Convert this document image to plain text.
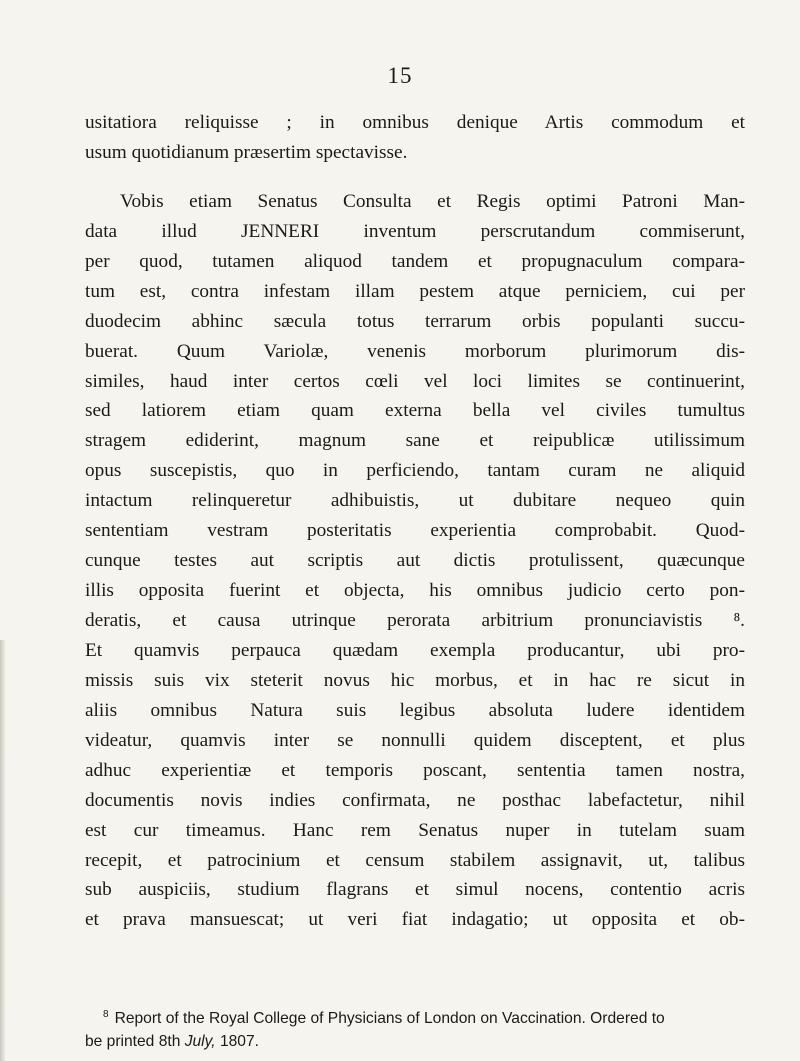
15
usitatiora reliquisse ; in omnibus denique Artis commodum et
usum quotidianum præsertim spectavisse.
Vobis etiam Senatus Consulta et Regis optimi Patroni Man-
data illud JENNERI inventum perscrutandum commiserunt,
per quod, tutamen aliquod tandem et propugnaculum compara-
tum est, contra infestam illam pestem atque perniciem, cui per
duodecim abhinc sæcula totus terrarum orbis populanti succu-
buerat. Quum Variolæ, venenis morborum plurimorum dis-
similes, haud inter certos cœli vel loci limites se continuerint,
sed latiorem etiam quam externa bella vel civiles tumultus
stragem ediderint, magnum sane et reipublicæ utilissimum
opus suscepistis, quo in perficiendo, tantam curam ne aliquid
intactum relinqueretur adhibuistis, ut dubitare nequeo quin
sententiam vestram posteritatis experientia comprobabit. Quod-
cunque testes aut scriptis aut dictis protulissent, quæcunque
illis opposita fuerint et objecta, his omnibus judicio certo pon-
deratis, et causa utrinque perorata arbitrium pronunciavistis ⁸.
Et quamvis perpauca quædam exempla producantur, ubi pro-
missis suis vix steterit novus hic morbus, et in hac re sicut in
aliis omnibus Natura suis legibus absoluta ludere identidem
videatur, quamvis inter se nonnulli quidem disceptent, et plus
adhuc experientiæ et temporis poscant, sententia tamen nostra,
documentis novis indies confirmata, ne posthac labefactetur, nihil
est cur timeamus. Hanc rem Senatus nuper in tutelam suam
recepit, et patrocinium et censum stabilem assignavit, ut, talibus
sub auspiciis, studium flagrans et simul nocens, contentio acris
et prava mansuescat; ut veri fiat indagatio; ut opposita et ob-
$^8$ Report of the Royal College of Physicians of London on Vaccination. Ordered to
be printed 8th July, 1807.
